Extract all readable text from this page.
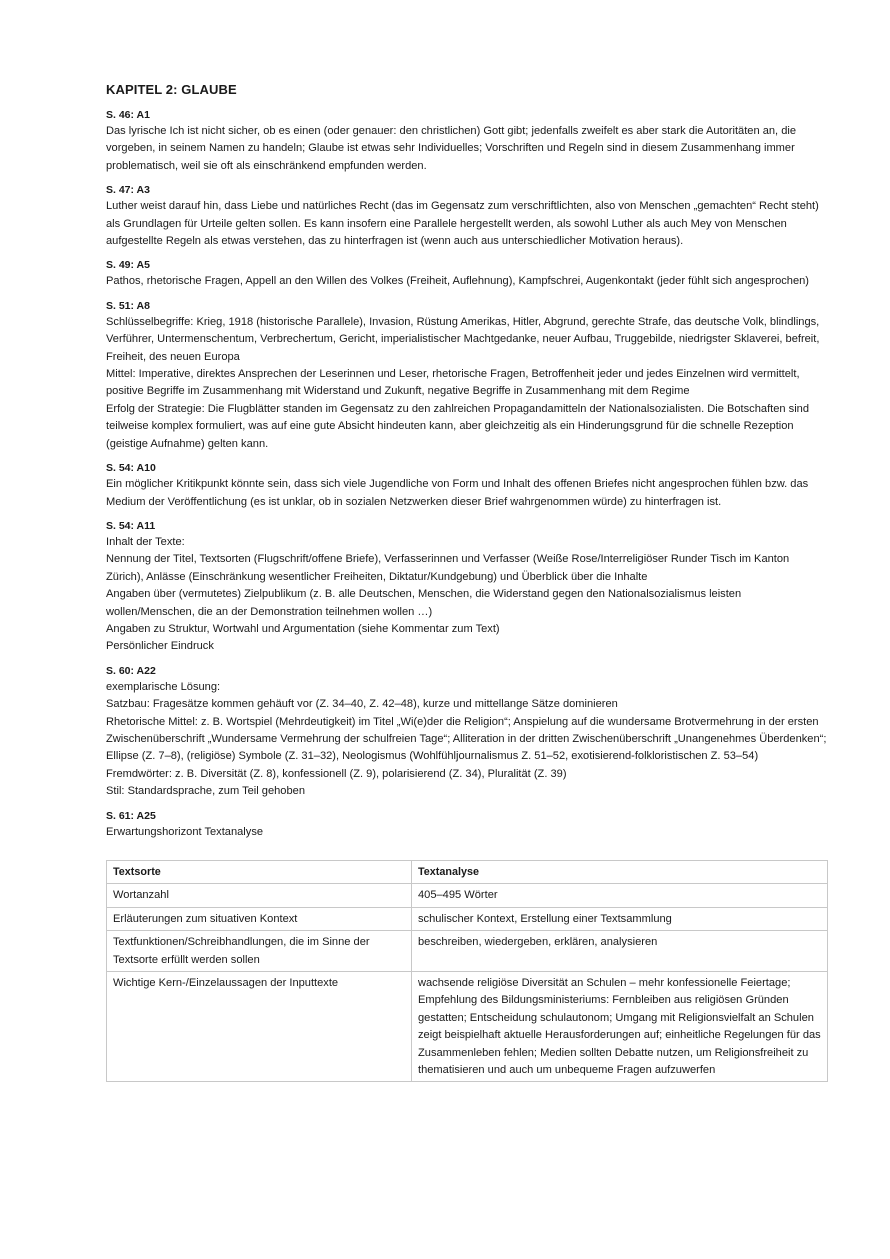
KAPITEL 2: GLAUBE
S. 46: A1

Das lyrische Ich ist nicht sicher, ob es einen (oder genauer: den christlichen) Gott gibt; jedenfalls zweifelt es aber stark die Autoritäten an, die vorgeben, in seinem Namen zu handeln; Glaube ist etwas sehr Individuelles; Vorschriften und Regeln sind in diesem Zusammenhang immer problematisch, weil sie oft als einschränkend empfunden werden.

S. 47: A3

Luther weist darauf hin, dass Liebe und natürliches Recht (das im Gegensatz zum verschriftlichten, also von Menschen „gemachten“ Recht steht) als Grundlagen für Urteile gelten sollen. Es kann insofern eine Parallele hergestellt werden, als sowohl Luther als auch Mey von Menschen aufgestellte Regeln als etwas verstehen, das zu hinterfragen ist (wenn auch aus unterschiedlicher Motivation heraus).

S. 49: A5

Pathos, rhetorische Fragen, Appell an den Willen des Volkes (Freiheit, Auflehnung), Kampfschrei, Augenkontakt (jeder fühlt sich angesprochen)

S. 51: A8

Schlüsselbegriffe: Krieg, 1918 (historische Parallele), Invasion, Rüstung Amerikas, Hitler, Abgrund, gerechte Strafe, das deutsche Volk, blindlings, Verführer, Untermenschentum, Verbrechertum, Gericht, imperialistischer Machtgedanke, neuer Aufbau, Truggebilde, niedrigster Sklaverei, befreit, Freiheit, des neuen Europa

Mittel: Imperative, direktes Ansprechen der Leserinnen und Leser, rhetorische Fragen, Betroffenheit jeder und jedes Einzelnen wird vermittelt, positive Begriffe im Zusammenhang mit Widerstand und Zukunft, negative Begriffe in Zusammenhang mit dem Regime

Erfolg der Strategie: Die Flugblätter standen im Gegensatz zu den zahlreichen Propagandamitteln der Nationalsozialisten. Die Botschaften sind teilweise komplex formuliert, was auf eine gute Absicht hindeuten kann, aber gleichzeitig als ein Hinderungsgrund für die schnelle Rezeption (geistige Aufnahme) gelten kann.

S. 54: A10

Ein möglicher Kritikpunkt könnte sein, dass sich viele Jugendliche von Form und Inhalt des offenen Briefes nicht angesprochen fühlen bzw. das Medium der Veröffentlichung (es ist unklar, ob in sozialen Netzwerken dieser Brief wahrgenommen würde) zu hinterfragen ist.

S. 54: A11

Inhalt der Texte:

Nennung der Titel, Textsorten (Flugschrift/offene Briefe), Verfasserinnen und Verfasser (Weiße Rose/Interreligiöser Runder Tisch im Kanton Zürich), Anlässe (Einschränkung wesentlicher Freiheiten, Diktatur/Kundgebung) und Überblick über die Inhalte

Angaben über (vermutetes) Zielpublikum (z. B. alle Deutschen, Menschen, die Widerstand gegen den Nationalsozialismus leisten wollen/Menschen, die an der Demonstration teilnehmen wollen …)

Angaben zu Struktur, Wortwahl und Argumentation (siehe Kommentar zum Text)

Persönlicher Eindruck

S. 60: A22

exemplarische Lösung:

Satzbau: Fragesätze kommen gehäuft vor (Z. 34–40, Z. 42–48), kurze und mittellange Sätze dominieren

Rhetorische Mittel: z. B. Wortspiel (Mehrdeutigkeit) im Titel „Wi(e)der die Religion“; Anspielung auf die wundersame Brotvermehrung in der ersten Zwischenüberschrift „Wundersame Vermehrung der schulfreien Tage“; Alliteration in der dritten Zwischenüberschrift „Unangenehmes Überdenken“; Ellipse (Z. 7–8), (religiöse) Symbole (Z. 31–32), Neologismus (Wohlfühljournalismus Z. 51–52, exotisierend-folkloristischen Z. 53–54)

Fremdwörter: z. B. Diversität (Z. 8), konfessionell (Z. 9), polarisierend (Z. 34), Pluralität (Z. 39)

Stil: Standardsprache, zum Teil gehoben

S. 61: A25

Erwartungshorizont Textanalyse

Textsorte	Textanalyse
Wortanzahl	405–495 Wörter
Erläuterungen zum situativen Kontext	schulischer Kontext, Erstellung einer Textsammlung
Textfunktionen/Schreibhandlungen, die im Sinne der Textsorte erfüllt werden sollen	beschreiben, wiedergeben, erklären, analysieren
Wichtige Kern-/Einzelaussagen der Inputtexte	wachsende religiöse Diversität an Schulen – mehr konfessionelle Feiertage; Empfehlung des Bildungsministeriums: Fernbleiben aus religiösen Gründen gestatten; Entscheidung schulautonom; Umgang mit Religionsvielfalt an Schulen zeigt beispielhaft aktuelle Herausforderungen auf; einheitliche Regelungen für das Zusammenleben fehlen; Medien sollten Debatte nutzen, um Religionsfreiheit zu thematisieren und auch um unbequeme Fragen aufzuwerfen
